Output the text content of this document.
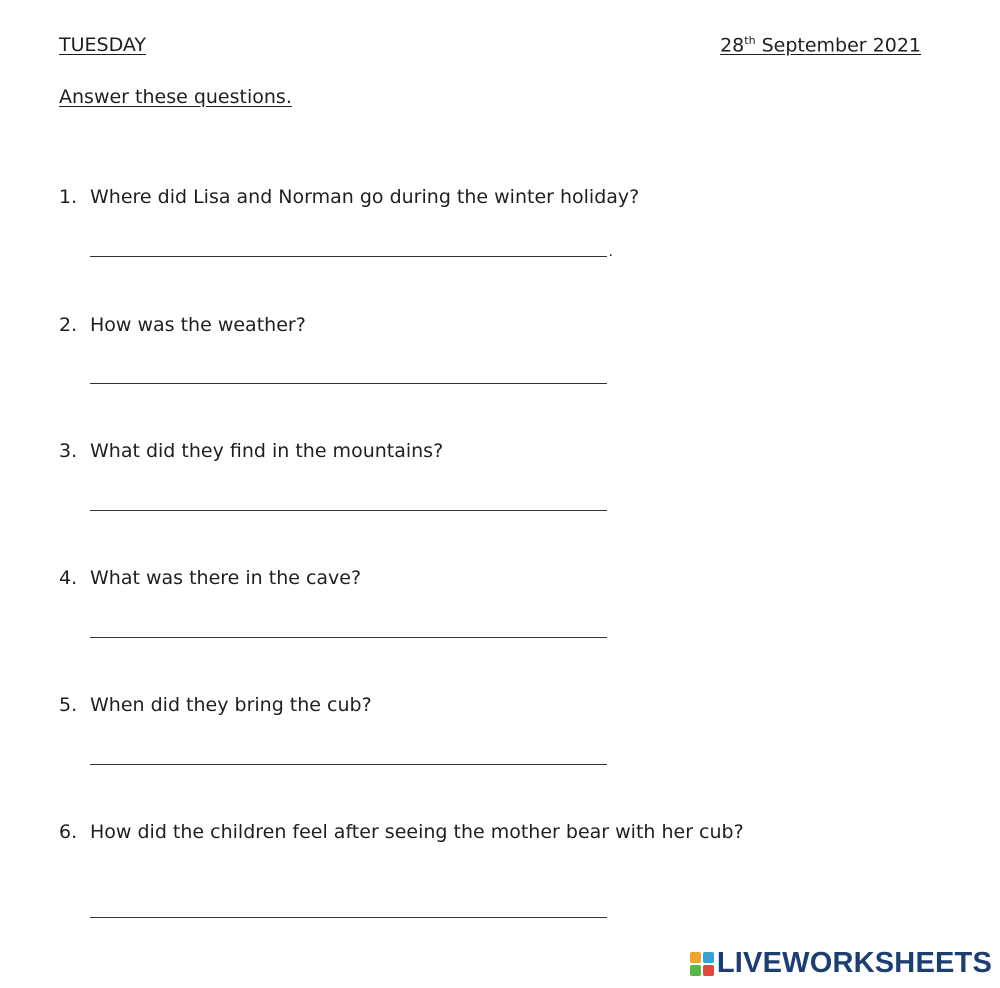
TUESDAY	28th September 2021
Answer these questions.
1. Where did Lisa and Norman go during the winter holiday?
.
2. How was the weather?
3. What did they find in the mountains?
4. What was there in the cave?
5. When did they bring the cub?
6. How did the children feel after seeing the mother bear with her cub?
LIVEWORKSHEETS
